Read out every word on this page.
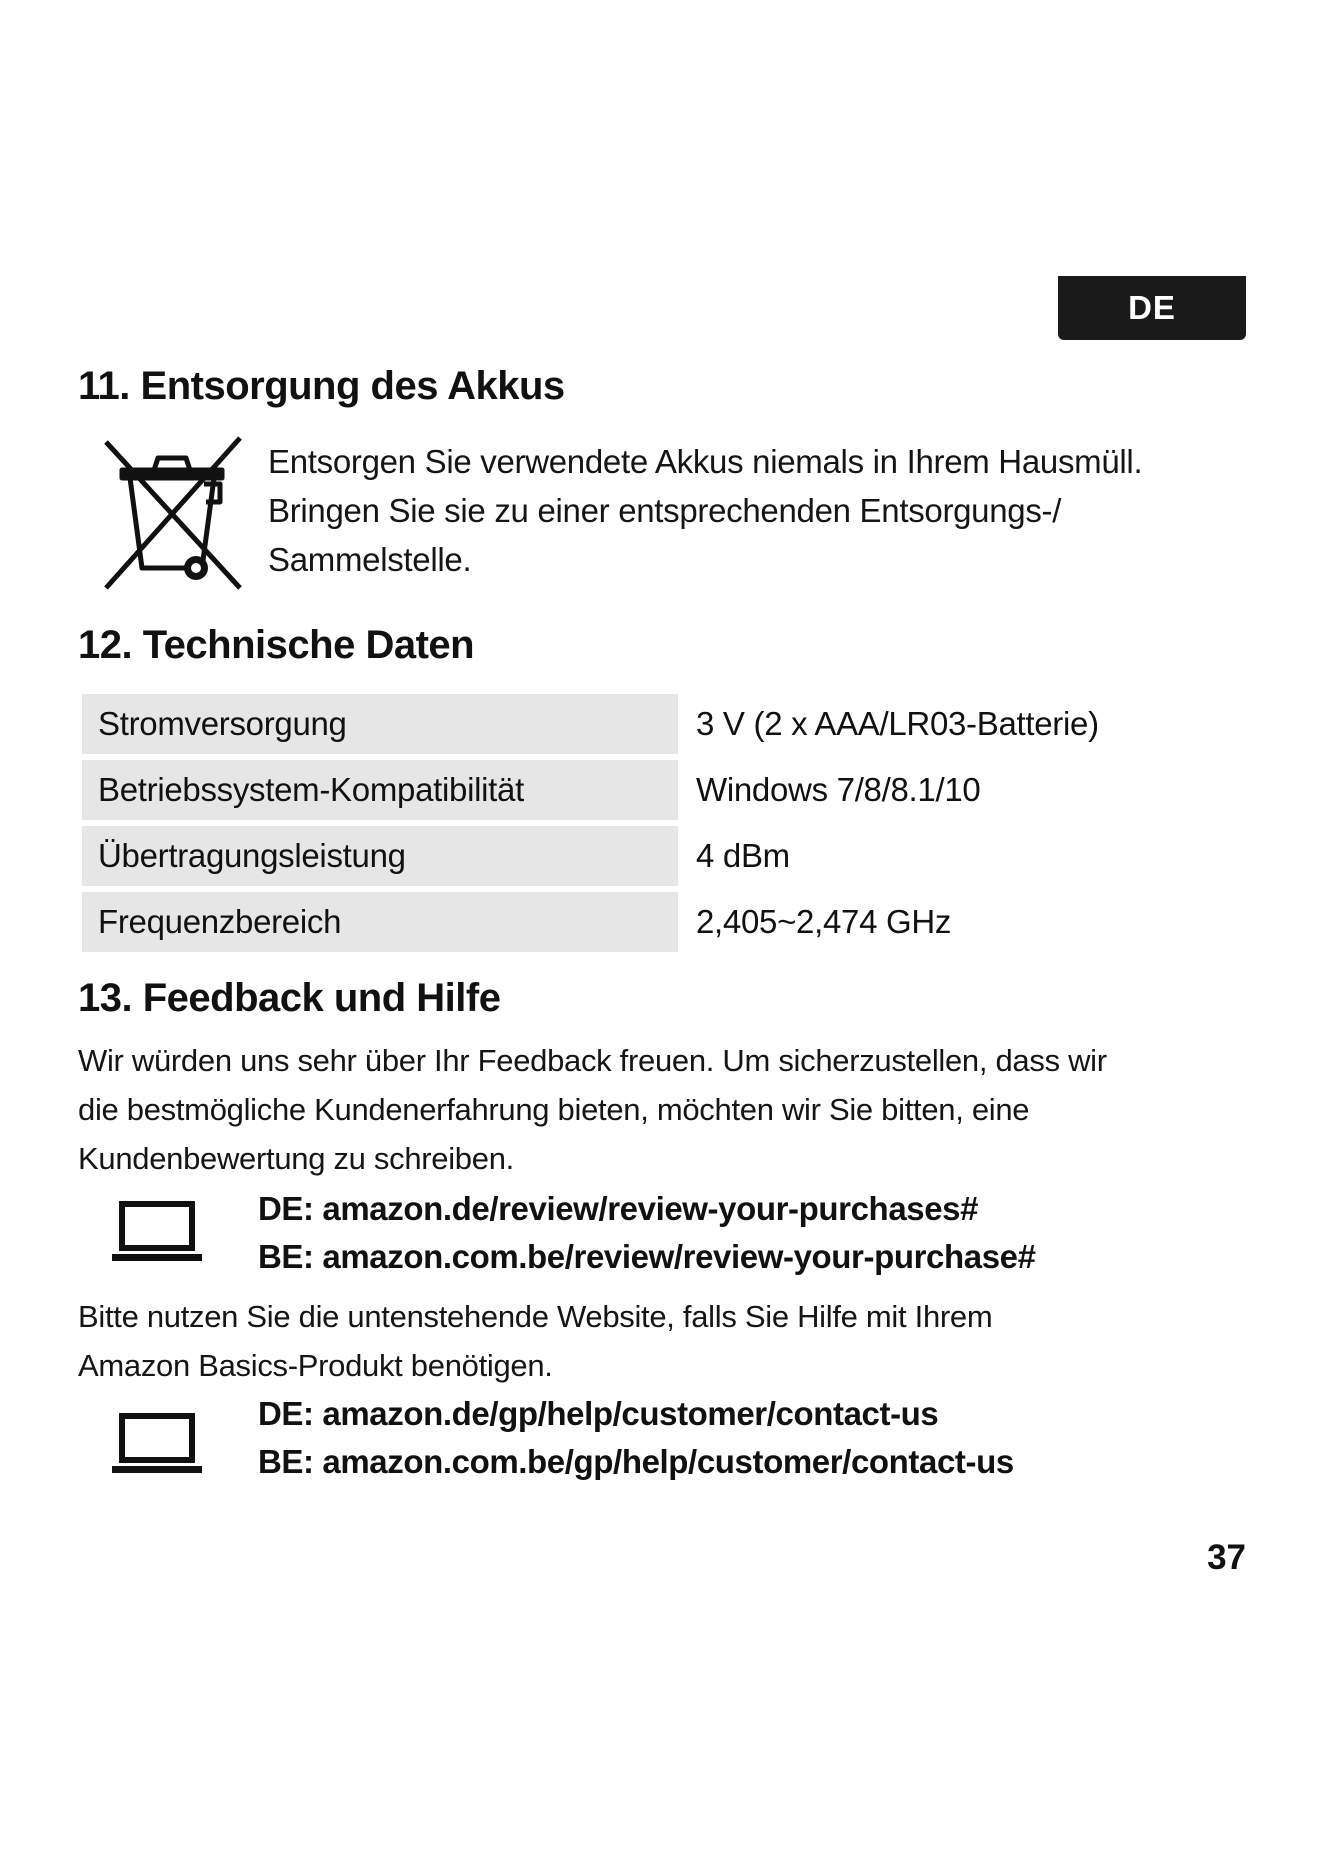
DE
11. Entsorgung des Akkus
Entsorgen Sie verwendete Akkus niemals in Ihrem Hausmüll.
Bringen Sie sie zu einer entsprechenden Entsorgungs-/
Sammelstelle.
12. Technische Daten
Stromversorgung	3 V (2 x AAA/LR03-Batterie)
Betriebssystem-Kompatibilität	Windows 7/8/8.1/10
Übertragungsleistung	4 dBm
Frequenzbereich	2,405~2,474 GHz
13. Feedback und Hilfe
Wir würden uns sehr über Ihr Feedback freuen. Um sicherzustellen, dass wir
die bestmögliche Kundenerfahrung bieten, möchten wir Sie bitten, eine
Kundenbewertung zu schreiben.
DE: amazon.de/review/review-your-purchases#
BE: amazon.com.be/review/review-your-purchase#
Bitte nutzen Sie die untenstehende Website, falls Sie Hilfe mit Ihrem
Amazon Basics-Produkt benötigen.
DE: amazon.de/gp/help/customer/contact-us
BE: amazon.com.be/gp/help/customer/contact-us
37
